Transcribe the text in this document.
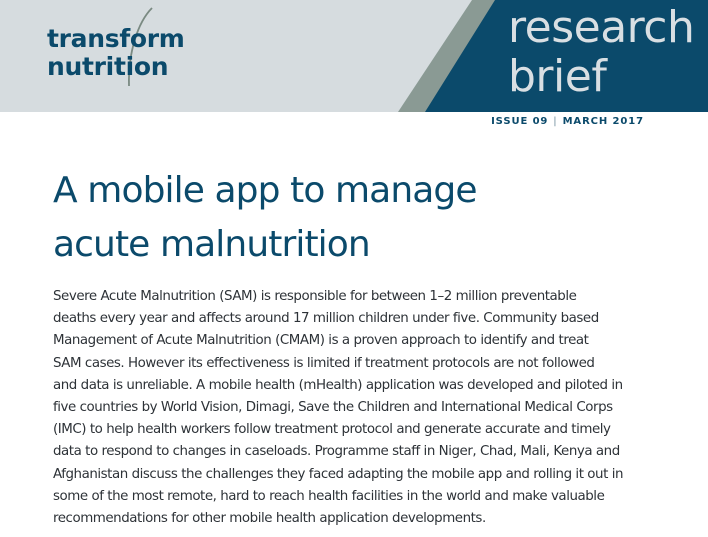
transform
nutrition
research
brief
ISSUE 09 | MARCH 2017
A mobile app to manage
acute malnutrition

Severe Acute Malnutrition (SAM) is responsible for between 1–2 million preventable
deaths every year and affects around 17 million children under five. Community based
Management of Acute Malnutrition (CMAM) is a proven approach to identify and treat
SAM cases. However its effectiveness is limited if treatment protocols are not followed
and data is unreliable. A mobile health (mHealth) application was developed and piloted in
five countries by World Vision, Dimagi, Save the Children and International Medical Corps
(IMC) to help health workers follow treatment protocol and generate accurate and timely
data to respond to changes in caseloads. Programme staff in Niger, Chad, Mali, Kenya and
Afghanistan discuss the challenges they faced adapting the mobile app and rolling it out in
some of the most remote, hard to reach health facilities in the world and make valuable
recommendations for other mobile health application developments.
